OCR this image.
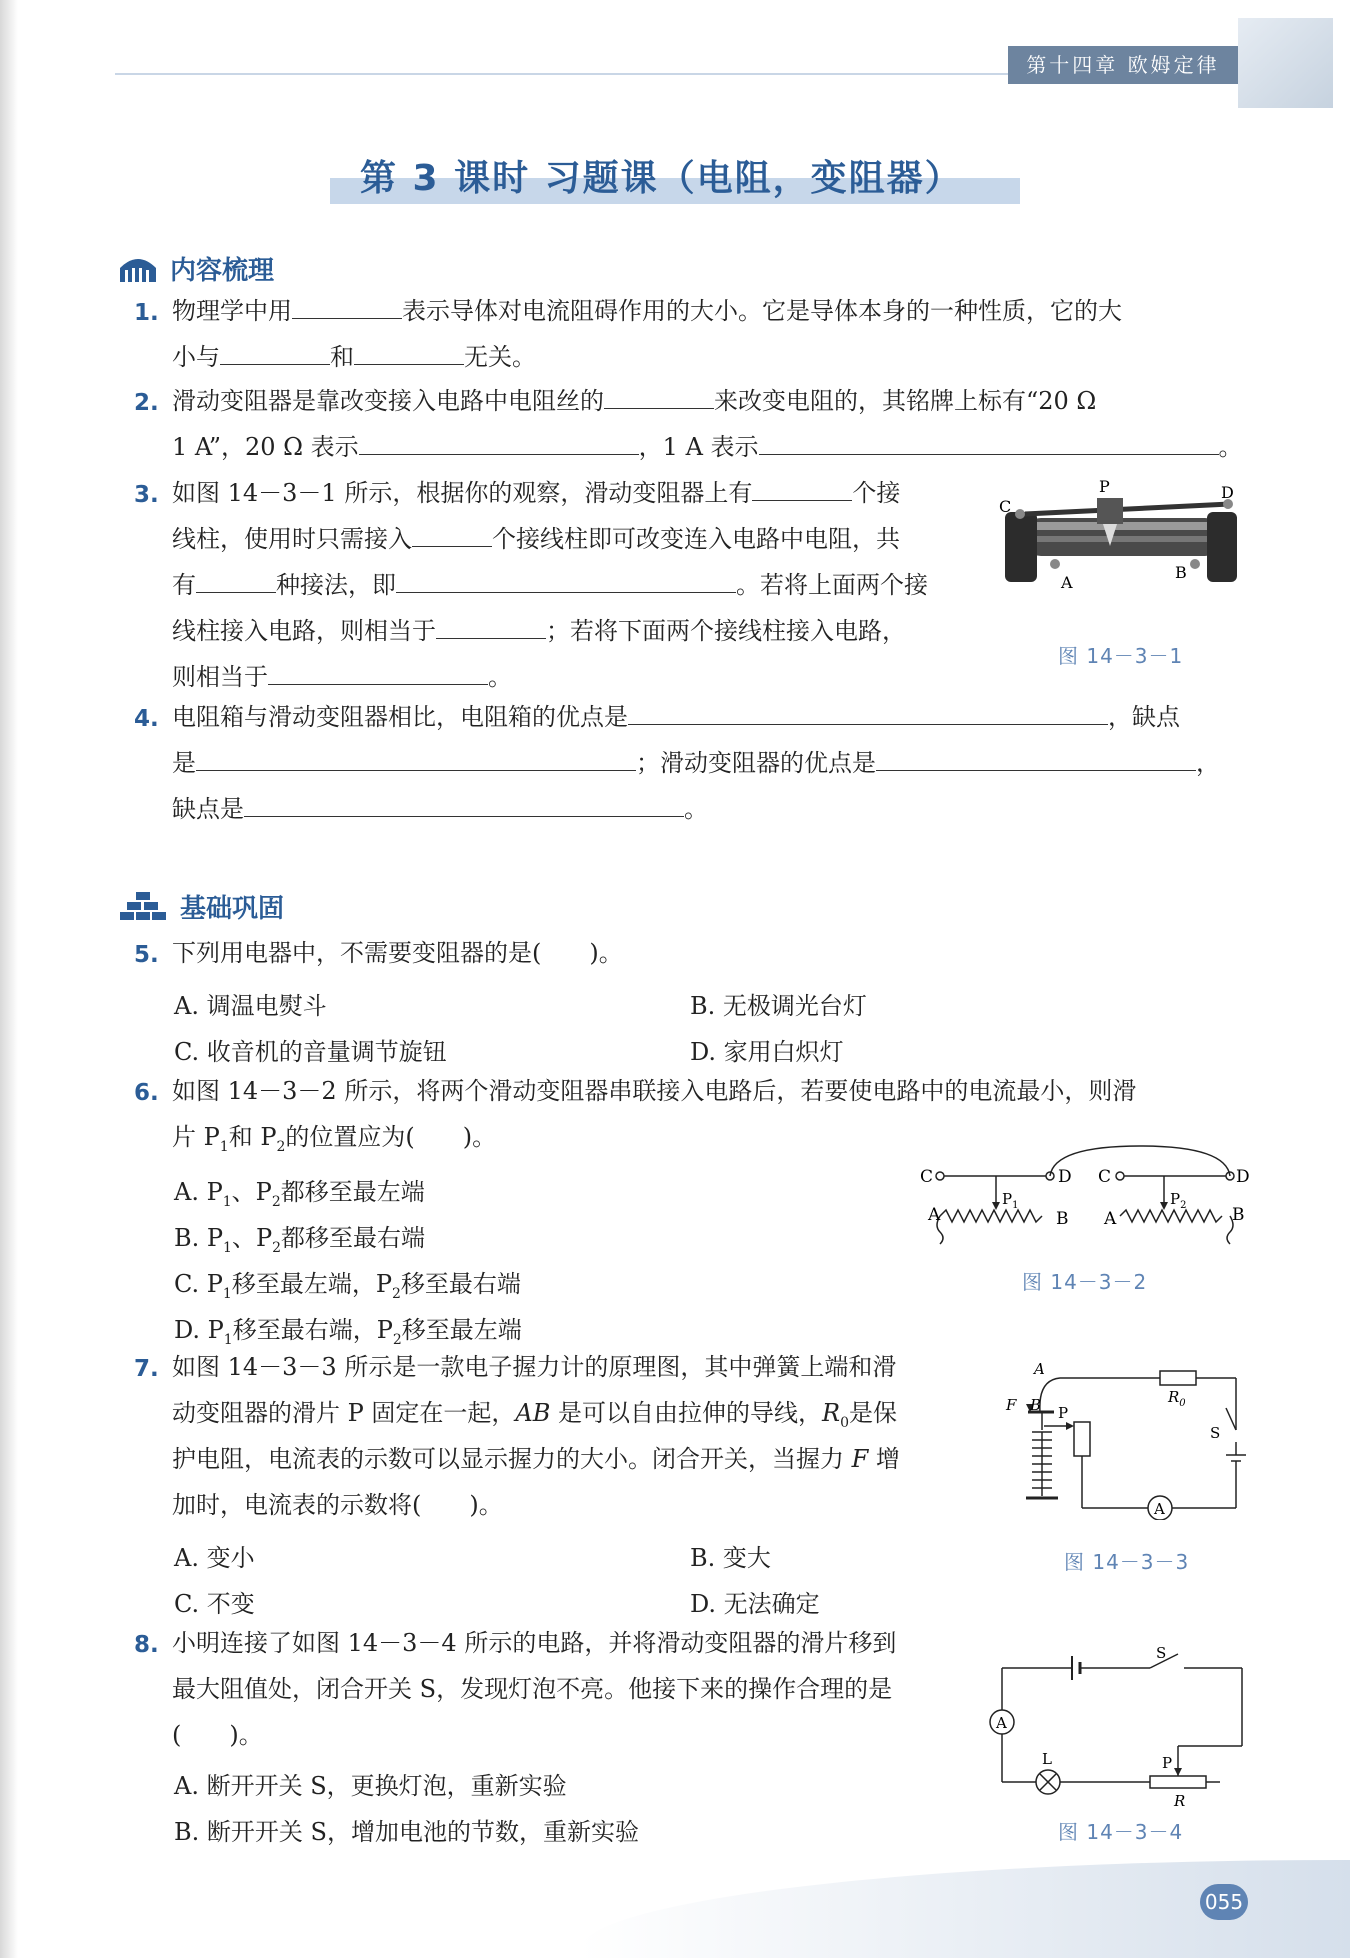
第十四章 欧姆定律
第 3 课时 习题课（电阻，变阻器）
内容梳理
1. 物理学中用	表示导体对电流阻碍作用的大小。它是导体本身的一种性质，它的大
小与	和	无关。
2. 滑动变阻器是靠改变接入电路中电阻丝的	来改变电阻的，其铭牌上标有“20 Ω
1 A”，20 Ω 表示	，1 A 表示	。
3. 如图 14－3－1 所示，根据你的观察，滑动变阻器上有	个接
线柱，使用时只需接入	个接线柱即可改变连入电路中电阻，共
有	种接法，即	。若将上面两个接
线柱接入电路，则相当于	；若将下面两个接线柱接入电路，
则相当于	。
C
P	D
A
B
图 14－3－1
4. 电阻箱与滑动变阻器相比，电阻箱的优点是	，缺点
是	；滑动变阻器的优点是	，
缺点是	。
基础巩固
5. 下列用电器中，不需要变阻器的是(　　)。
A. 调温电熨斗	B. 无极调光台灯
C. 收音机的音量调节旋钮	D. 家用白炽灯
6. 如图 14－3－2 所示，将两个滑动变阻器串联接入电路后，若要使电路中的电流最小，则滑
片 $P_1$和 $P_2$的位置应为(　　)。
A. $P_1$、$P_2$都移至最左端
B. $P_1$、$P_2$都移至最右端
C. $P_1$移至最左端，$P_2$移至最右端
D. $P_1$移至最右端，$P_2$移至最左端
C	D C	D
$P_1$	$P_2$
A	B A	B
图 14－3－2
7. 如图 14－3－3 所示是一款电子握力计的原理图，其中弹簧上端和滑
动变阻器的滑片 P 固定在一起，AB 是可以自由拉伸的导线，$R_0$是保
护电阻，电流表的示数可以显示握力的大小。闭合开关，当握力 F 增
加时，电流表的示数将(　　)。
A. 变小	B. 变大
C. 不变	D. 无法确定
A
F B P
$R_0$
S
A
图 14－3－3
8. 小明连接了如图 14－3－4 所示的电路，并将滑动变阻器的滑片移到
最大阻值处，闭合开关 S，发现灯泡不亮。他接下来的操作合理的是
(　　)。
A. 断开开关 S，更换灯泡，重新实验
B. 断开开关 S，增加电池的节数，重新实验
S
A
L	P
R
图 14－3－4
055
